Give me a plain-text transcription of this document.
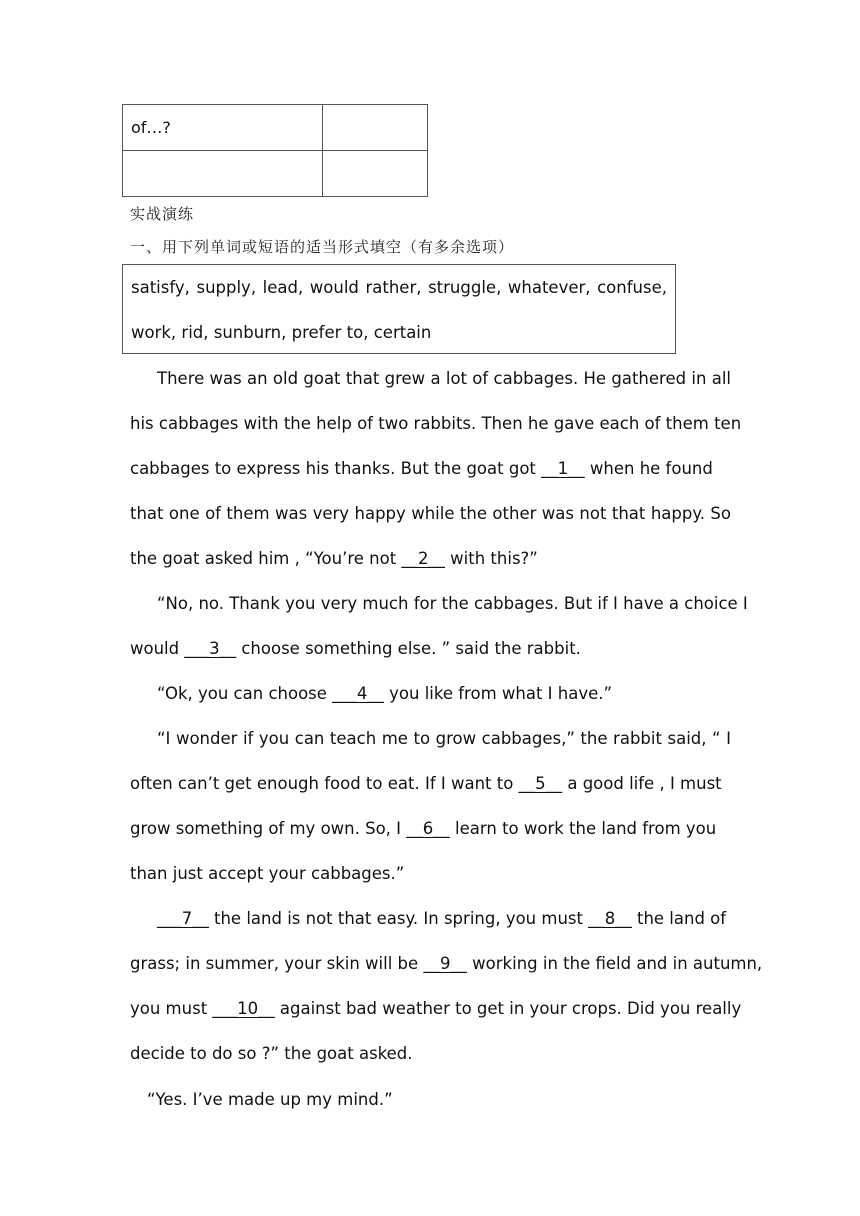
of…?	

实战演练
一、用下列单词或短语的适当形式填空（有多余选项）
satisfy, supply, lead, would rather, struggle, whatever, confuse,
work, rid, sunburn, prefer to, certain
There was an old goat that grew a lot of cabbages. He gathered in all
his cabbages with the help of two rabbits. Then he gave each of them ten
cabbages to express his thanks. But the goat got __1__ when he found
that one of them was very happy while the other was not that happy. So
the goat asked him , “You’re not __2__ with this?”
“No, no. Thank you very much for the cabbages. But if I have a choice I
would ___3__ choose something else. ” said the rabbit.
“Ok, you can choose ___4__ you like from what I have.”
“I wonder if you can teach me to grow cabbages,” the rabbit said, “ I
often can’t get enough food to eat. If I want to __5__ a good life , I must
grow something of my own. So, I __6__ learn to work the land from you
than just accept your cabbages.”
___7__ the land is not that easy. In spring, you must __8__ the land of
grass; in summer, your skin will be __9__ working in the field and in autumn,
you must ___10__ against bad weather to get in your crops. Did you really
decide to do so ?” the goat asked.
“Yes. I’ve made up my mind.”
